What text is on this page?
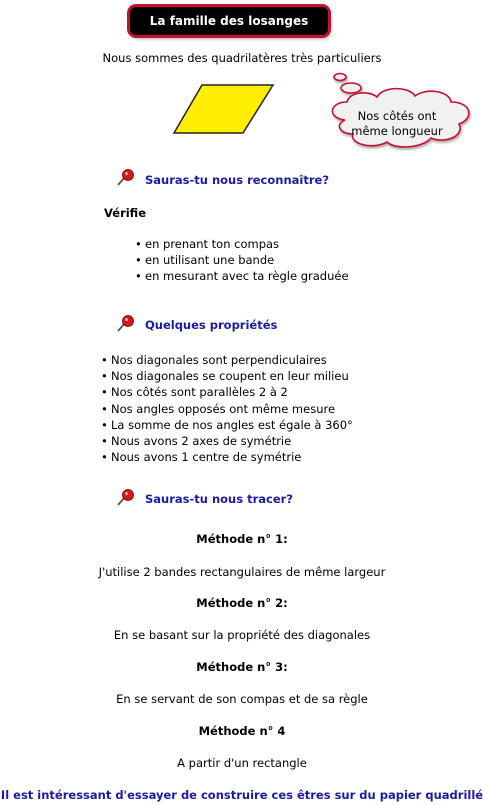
La famille des losanges
Nous sommes des quadrilatères très particuliers
Nos côtés ont
même longueur
Sauras-tu nous reconnaître?
Vérifie
• en prenant ton compas
• en utilisant une bande
• en mesurant avec ta règle graduée
Quelques propriétés
• Nos diagonales sont perpendiculaires
• Nos diagonales se coupent en leur milieu
• Nos côtés sont parallèles 2 à 2
• Nos angles opposés ont même mesure
• La somme de nos angles est égale à 360°
• Nous avons 2 axes de symétrie
• Nous avons 1 centre de symétrie
Sauras-tu nous tracer?
Méthode n° 1:
J'utilise 2 bandes rectangulaires de même largeur
Méthode n° 2:
En se basant sur la propriété des diagonales
Méthode n° 3:
En se servant de son compas et de sa règle
Méthode n° 4
A partir d'un rectangle
Il est intéressant d'essayer de construire ces êtres sur du papier quadrillé
